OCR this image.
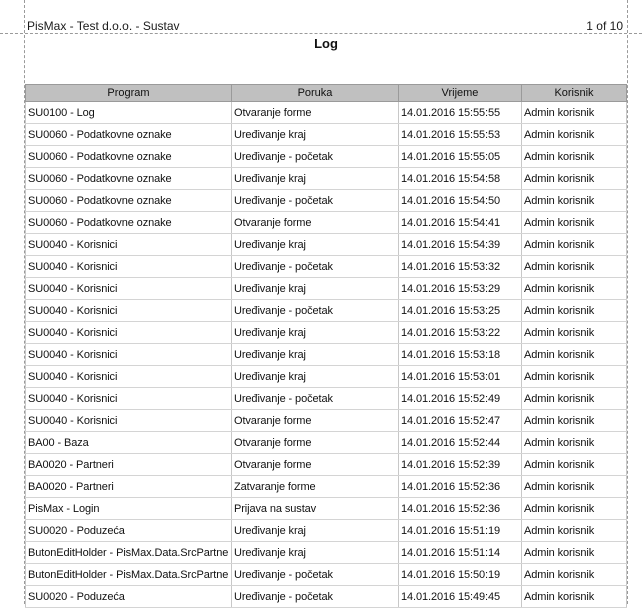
PisMax - Test d.o.o. - Sustav	1 of 10
Log
Program	Poruka	Vrijeme	Korisnik
SU0100 - Log	Otvaranje forme	14.01.2016 15:55:55	Admin korisnik
SU0060 - Podatkovne oznake	Uređivanje kraj	14.01.2016 15:55:53	Admin korisnik
SU0060 - Podatkovne oznake	Uređivanje - početak	14.01.2016 15:55:05	Admin korisnik
SU0060 - Podatkovne oznake	Uređivanje kraj	14.01.2016 15:54:58	Admin korisnik
SU0060 - Podatkovne oznake	Uređivanje - početak	14.01.2016 15:54:50	Admin korisnik
SU0060 - Podatkovne oznake	Otvaranje forme	14.01.2016 15:54:41	Admin korisnik
SU0040 - Korisnici	Uređivanje kraj	14.01.2016 15:54:39	Admin korisnik
SU0040 - Korisnici	Uređivanje - početak	14.01.2016 15:53:32	Admin korisnik
SU0040 - Korisnici	Uređivanje kraj	14.01.2016 15:53:29	Admin korisnik
SU0040 - Korisnici	Uređivanje - početak	14.01.2016 15:53:25	Admin korisnik
SU0040 - Korisnici	Uređivanje kraj	14.01.2016 15:53:22	Admin korisnik
SU0040 - Korisnici	Uređivanje kraj	14.01.2016 15:53:18	Admin korisnik
SU0040 - Korisnici	Uređivanje kraj	14.01.2016 15:53:01	Admin korisnik
SU0040 - Korisnici	Uređivanje - početak	14.01.2016 15:52:49	Admin korisnik
SU0040 - Korisnici	Otvaranje forme	14.01.2016 15:52:47	Admin korisnik
BA00 - Baza	Otvaranje forme	14.01.2016 15:52:44	Admin korisnik
BA0020 - Partneri	Otvaranje forme	14.01.2016 15:52:39	Admin korisnik
BA0020 - Partneri	Zatvaranje forme	14.01.2016 15:52:36	Admin korisnik
PisMax - Login	Prijava na sustav	14.01.2016 15:52:36	Admin korisnik
SU0020 - Poduzeća	Uređivanje kraj	14.01.2016 15:51:19	Admin korisnik
ButonEditHolder - PisMax.Data.SrcPartne	Uređivanje kraj	14.01.2016 15:51:14	Admin korisnik
ButonEditHolder - PisMax.Data.SrcPartne	Uređivanje - početak	14.01.2016 15:50:19	Admin korisnik
SU0020 - Poduzeća	Uređivanje - početak	14.01.2016 15:49:45	Admin korisnik
